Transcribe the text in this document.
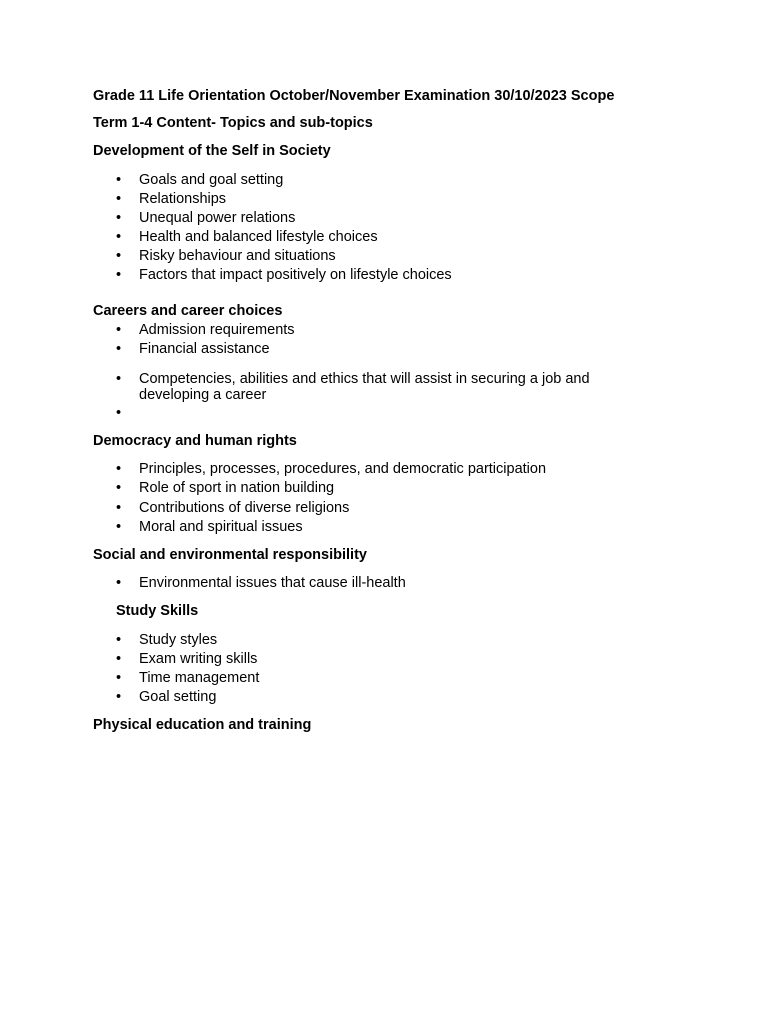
Grade 11 Life Orientation October/November Examination 30/10/2023 Scope
Term 1-4 Content- Topics and sub-topics
Development of the Self in Society
• Goals and goal setting
• Relationships
• Unequal power relations
• Health and balanced lifestyle choices
• Risky behaviour and situations
• Factors that impact positively on lifestyle choices
Careers and career choices
• Admission requirements
• Financial assistance
• Competencies, abilities and ethics that will assist in securing a job and developing a career
•
Democracy and human rights
• Principles, processes, procedures, and democratic participation
• Role of sport in nation building
• Contributions of diverse religions
• Moral and spiritual issues
Social and environmental responsibility
• Environmental issues that cause ill-health
Study Skills
• Study styles
• Exam writing skills
• Time management
• Goal setting
Physical education and training
